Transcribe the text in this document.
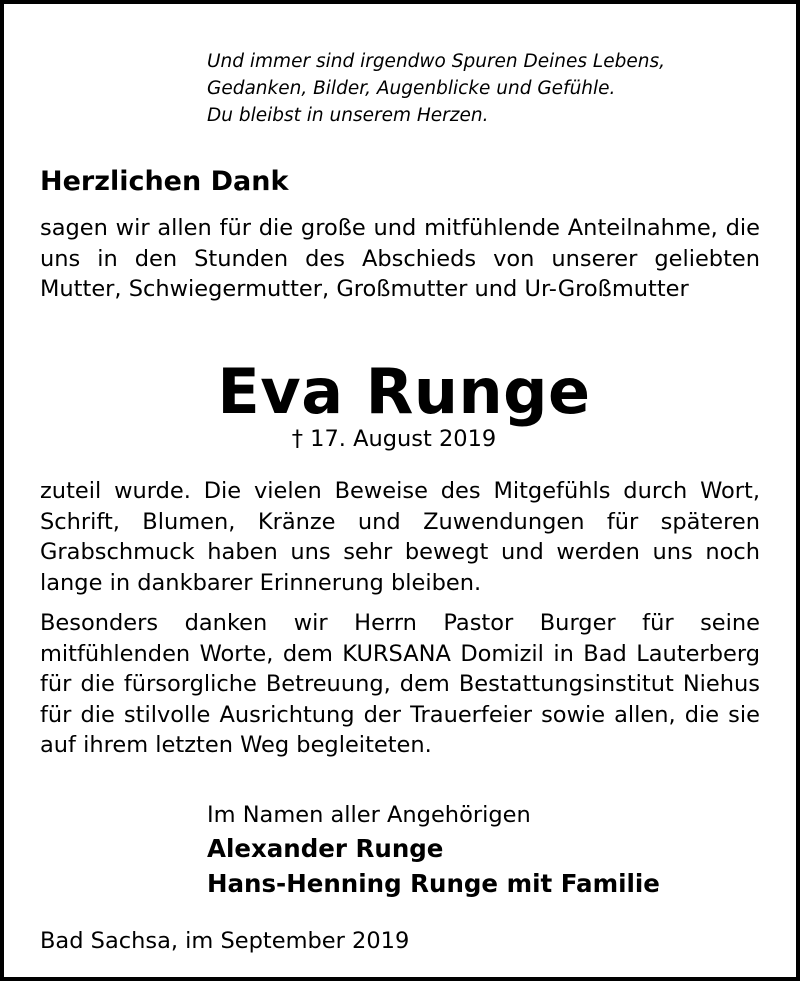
Und immer sind irgendwo Spuren Deines Lebens,
Gedanken, Bilder, Augenblicke und Gefühle.
Du bleibst in unserem Herzen.
Herzlichen Dank
sagen wir allen für die große und mitfühlende Anteilnahme, die uns in den Stunden des Abschieds von unserer geliebten Mutter, Schwiegermutter, Großmutter und Ur-Großmutter
Eva Runge
† 17. August 2019
zuteil wurde. Die vielen Beweise des Mitgefühls durch Wort, Schrift, Blumen, Kränze und Zuwendungen für späteren Grabschmuck haben uns sehr bewegt und werden uns noch lange in dankbarer Erinnerung bleiben.
Besonders danken wir Herrn Pastor Burger für seine mitfühlenden Worte, dem KURSANA Domizil in Bad Lauterberg für die fürsorgliche Betreuung, dem Bestattungsinstitut Niehus für die stilvolle Ausrichtung der Trauerfeier sowie allen, die sie auf ihrem letzten Weg begleiteten.
Im Namen aller Angehörigen
Alexander Runge
Hans-Henning Runge mit Familie
Bad Sachsa, im September 2019
